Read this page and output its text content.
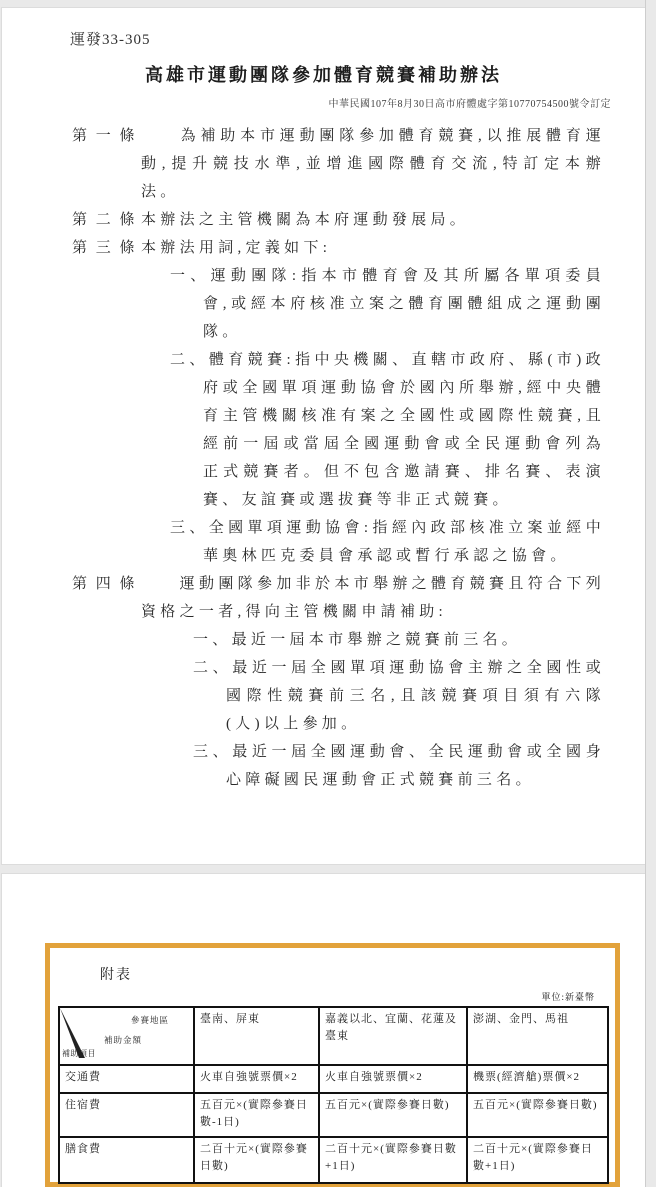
運發33-305
高雄市運動團隊參加體育競賽補助辦法
中華民國107年8月30日高市府體處字第10770754500號令訂定
第 一 條 　　為補助本市運動團隊參加體育競賽,以推展體育運動,提升競技水準,並增進國際體育交流,特訂定本辦法。
第 二 條 本辦法之主管機關為本府運動發展局。
第 三 條 本辦法用詞,定義如下:
一、運動團隊:指本市體育會及其所屬各單項委員會,或經本府核准立案之體育團體組成之運動團隊。
二、體育競賽:指中央機關、直轄市政府、縣(市)政府或全國單項運動協會於國內所舉辦,經中央體育主管機關核准有案之全國性或國際性競賽,且經前一屆或當屆全國運動會或全民運動會列為正式競賽者。但不包含邀請賽、排名賽、表演賽、友誼賽或選拔賽等非正式競賽。
三、全國單項運動協會:指經內政部核准立案並經中華奧林匹克委員會承認或暫行承認之協會。
第 四 條 　　運動團隊參加非於本市舉辦之體育競賽且符合下列資格之一者,得向主管機關申請補助:
一、最近一屆本市舉辦之競賽前三名。
二、最近一屆全國單項運動協會主辦之全國性或國際性競賽前三名,且該競賽項目須有六隊(人)以上參加。
三、最近一屆全國運動會、全民運動會或全國身心障礙國民運動會正式競賽前三名。
附表
單位:新臺幣
參賽地區
補助金額
補助項目	臺南、屏東	嘉義以北、宜蘭、花蓮及臺東	澎湖、金門、馬祖
交通費	火車自強號票價×2	火車自強號票價×2	機票(經濟艙)票價×2
住宿費	五百元×(實際參賽日數-1日)	五百元×(實際參賽日數)	五百元×(實際參賽日數)
膳食費	二百十元×(實際參賽日數)	二百十元×(實際參賽日數+1日)	二百十元×(實際參賽日數+1日)
